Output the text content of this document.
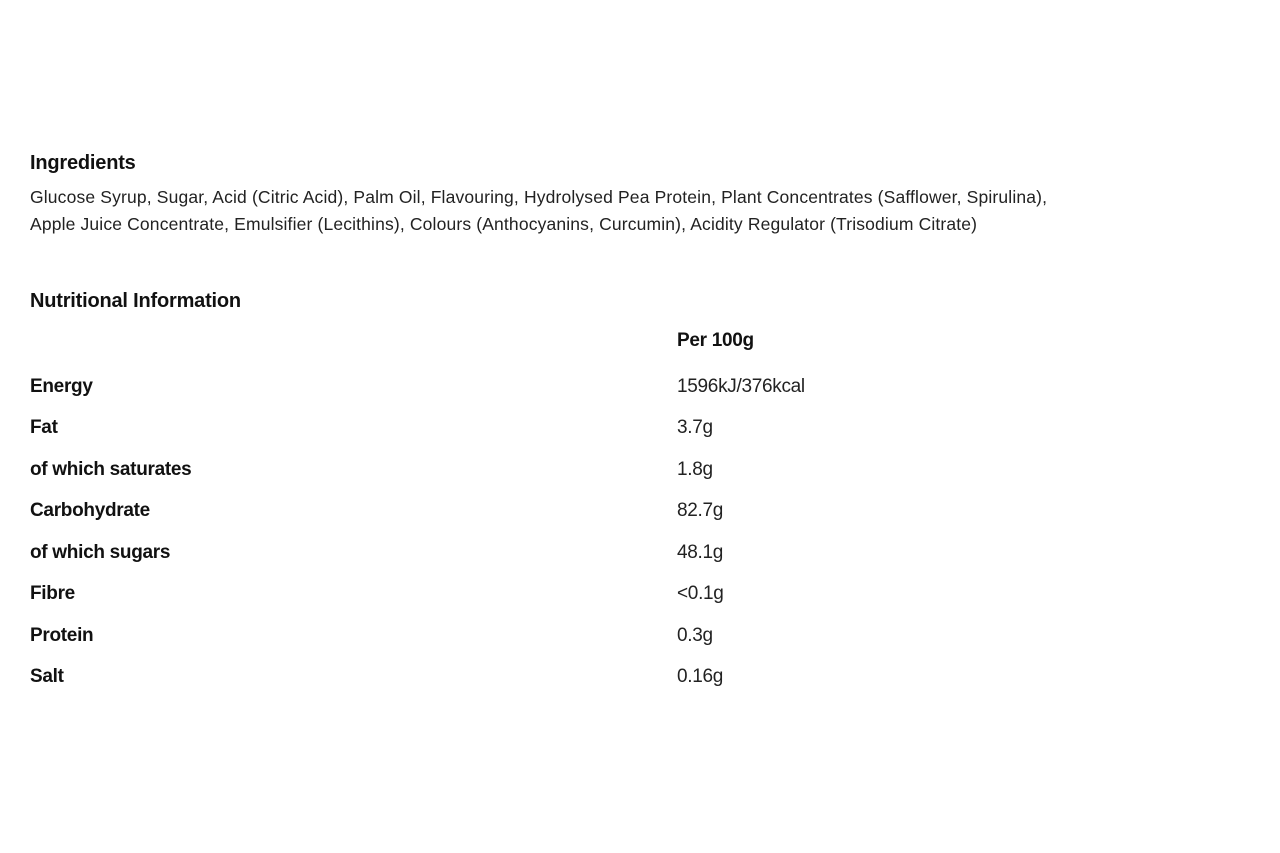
Ingredients

Glucose Syrup, Sugar, Acid (Citric Acid), Palm Oil, Flavouring, Hydrolysed Pea Protein, Plant Concentrates (Safflower, Spirulina),
Apple Juice Concentrate, Emulsifier (Lecithins), Colours (Anthocyanins, Curcumin), Acidity Regulator (Trisodium Citrate)

Nutritional Information
	Per 100g
Energy	1596kJ/376kcal
Fat	3.7g
of which saturates	1.8g
Carbohydrate	82.7g
of which sugars	48.1g
Fibre	<0.1g
Protein	0.3g
Salt	0.16g
